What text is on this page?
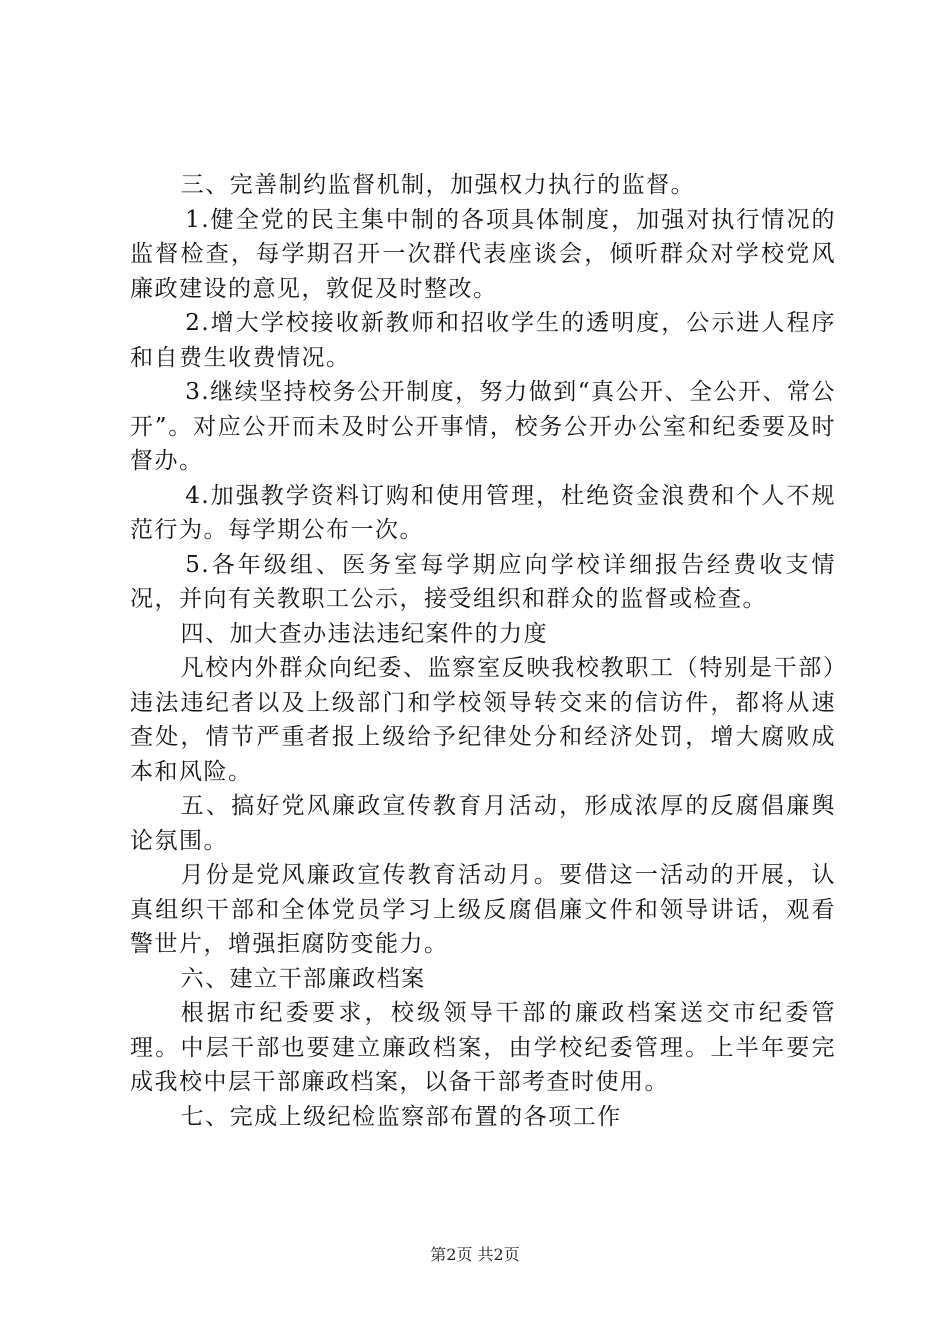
三、完善制约监督机制，加强权力执行的监督。

1.健全党的民主集中制的各项具体制度，加强对执行情况的监督检查，每学期召开一次群代表座谈会，倾听群众对学校党风廉政建设的意见，敦促及时整改。

2.增大学校接收新教师和招收学生的透明度，公示进人程序和自费生收费情况。

3.继续坚持校务公开制度，努力做到“真公开、全公开、常公开”。对应公开而未及时公开事情，校务公开办公室和纪委要及时督办。

4.加强教学资料订购和使用管理，杜绝资金浪费和个人不规范行为。每学期公布一次。

5.各年级组、医务室每学期应向学校详细报告经费收支情况，并向有关教职工公示，接受组织和群众的监督或检查。

四、加大查办违法违纪案件的力度

凡校内外群众向纪委、监察室反映我校教职工（特别是干部）违法违纪者以及上级部门和学校领导转交来的信访件，都将从速查处，情节严重者报上级给予纪律处分和经济处罚，增大腐败成本和风险。

五、搞好党风廉政宣传教育月活动，形成浓厚的反腐倡廉舆论氛围。

月份是党风廉政宣传教育活动月。要借这一活动的开展，认真组织干部和全体党员学习上级反腐倡廉文件和领导讲话，观看警世片，增强拒腐防变能力。

六、建立干部廉政档案

根据市纪委要求，校级领导干部的廉政档案送交市纪委管理。中层干部也要建立廉政档案，由学校纪委管理。上半年要完成我校中层干部廉政档案，以备干部考查时使用。

七、完成上级纪检监察部布置的各项工作

第2页 共2页
